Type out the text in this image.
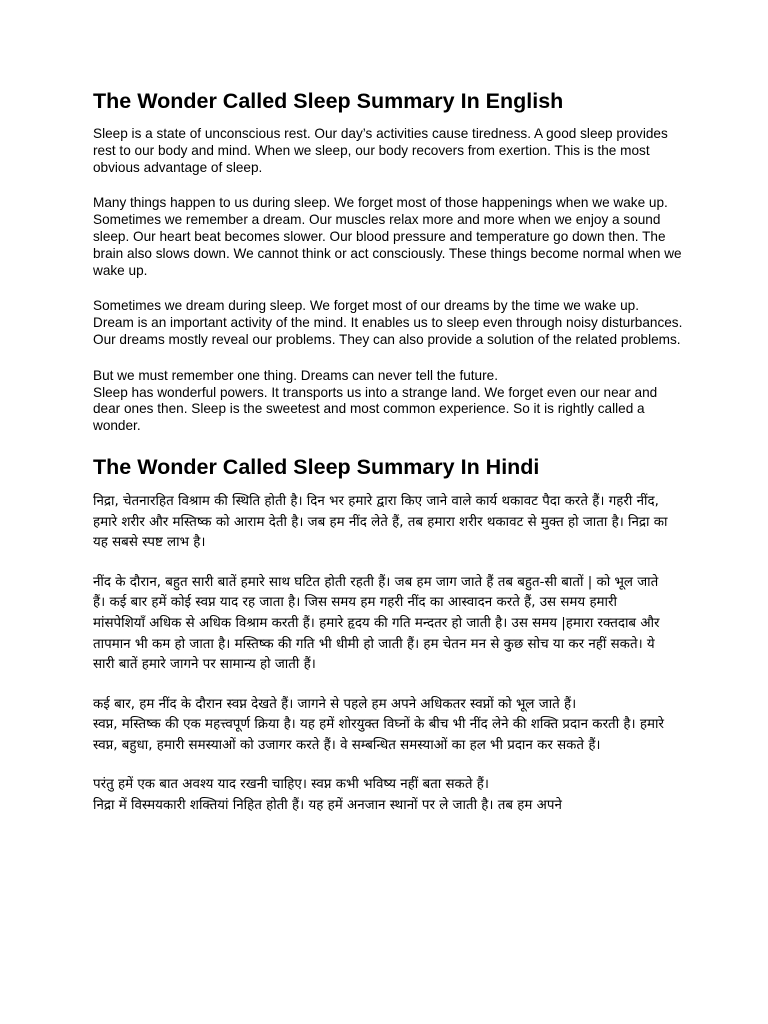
The Wonder Called Sleep Summary In English

Sleep is a state of unconscious rest. Our day’s activities cause tiredness. A good sleep provides rest to our body and mind. When we sleep, our body recovers from exertion. This is the most obvious advantage of sleep.

Many things happen to us during sleep. We forget most of those happenings when we wake up. Sometimes we remember a dream. Our muscles relax more and more when we enjoy a sound sleep. Our heart beat becomes slower. Our blood pressure and temperature go down then. The brain also slows down. We cannot think or act consciously. These things become normal when we wake up.

Sometimes we dream during sleep. We forget most of our dreams by the time we wake up.

Dream is an important activity of the mind. It enables us to sleep even through noisy disturbances. Our dreams mostly reveal our problems. They can also provide a solution of the related problems.

But we must remember one thing. Dreams can never tell the future.

Sleep has wonderful powers. It transports us into a strange land. We forget even our near and dear ones then. Sleep is the sweetest and most common experience. So it is rightly called a wonder.

The Wonder Called Sleep Summary In Hindi

निद्रा, चेतनारहित विश्राम की स्थिति होती है। दिन भर हमारे द्वारा किए जाने वाले कार्य थकावट पैदा करते हैं। गहरी नींद, हमारे शरीर और मस्तिष्क को आराम देती है। जब हम नींद लेते हैं, तब हमारा शरीर थकावट से मुक्त हो जाता है। निद्रा का यह सबसे स्पष्ट लाभ है।

नींद के दौरान, बहुत सारी बातें हमारे साथ घटित होती रहती हैं। जब हम जाग जाते हैं तब बहुत-सी बातों | को भूल जाते हैं। कई बार हमें कोई स्वप्न याद रह जाता है। जिस समय हम गहरी नींद का आस्वादन करते हैं, उस समय हमारी मांसपेशियाँ अधिक से अधिक विश्राम करती हैं। हमारे हृदय की गति मन्दतर हो जाती है। उस समय |हमारा रक्तदाब और तापमान भी कम हो जाता है। मस्तिष्क की गति भी धीमी हो जाती हैं। हम चेतन मन से कुछ सोच या कर नहीं सकते। ये सारी बातें हमारे जागने पर सामान्य हो जाती हैं।

कई बार, हम नींद के दौरान स्वप्न देखते हैं। जागने से पहले हम अपने अधिकतर स्वप्नों को भूल जाते हैं।

स्वप्न, मस्तिष्क की एक महत्त्वपूर्ण क्रिया है। यह हमें शोरयुक्त विघ्नों के बीच भी नींद लेने की शक्ति प्रदान करती है। हमारे स्वप्न, बहुधा, हमारी समस्याओं को उजागर करते हैं। वे सम्बन्धित समस्याओं का हल भी प्रदान कर सकते हैं।

परंतु हमें एक बात अवश्य याद रखनी चाहिए। स्वप्न कभी भविष्य नहीं बता सकते हैं।

निद्रा में विस्मयकारी शक्तियां निहित होती हैं। यह हमें अनजान स्थानों पर ले जाती है। तब हम अपने
